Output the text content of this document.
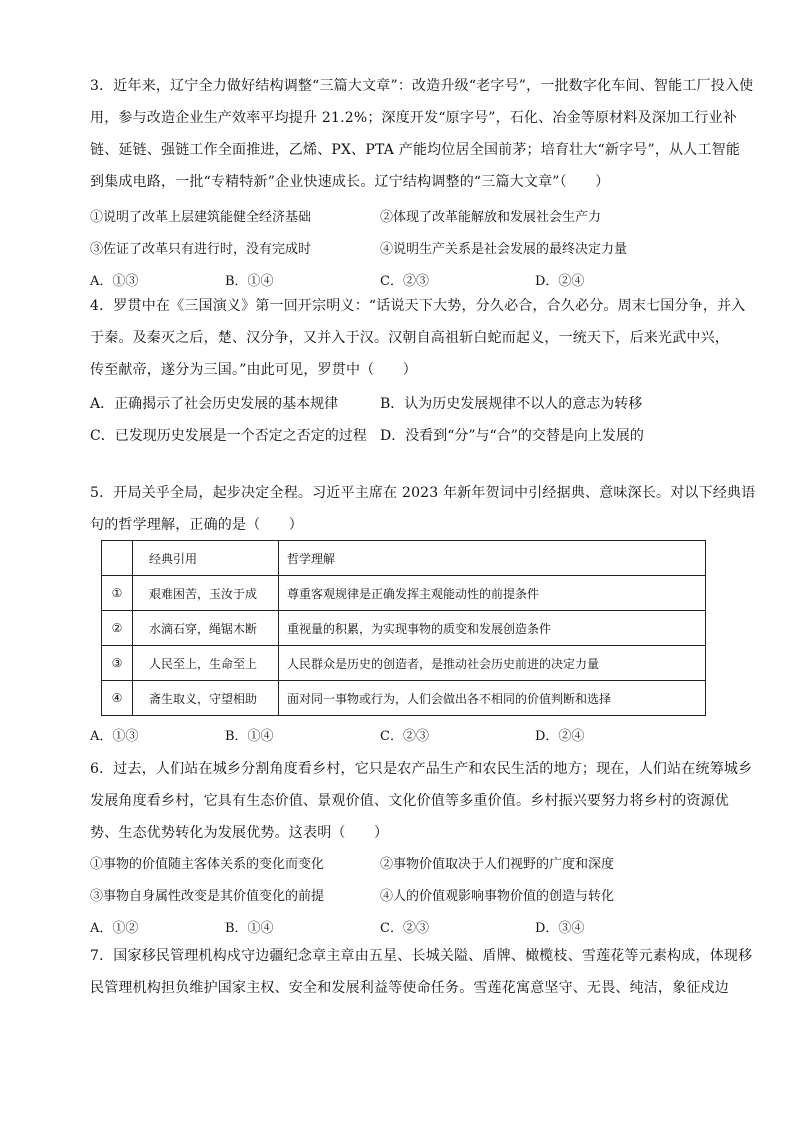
3．近年来，辽宁全力做好结构调整“三篇大文章”：改造升级“老字号”，一批数字化车间、智能工厂投入使
用，参与改造企业生产效率平均提升 21.2%；深度开发“原字号”，石化、冶金等原材料及深加工行业补
链、延链、强链工作全面推进，乙烯、PX、PTA 产能均位居全国前茅；培育壮大“新字号”，从人工智能
到集成电路，一批“专精特新”企业快速成长。辽宁结构调整的“三篇大文章”（　　）
①说明了改革上层建筑能健全经济基础	②体现了改革能解放和发展社会生产力
③佐证了改革只有进行时，没有完成时	④说明生产关系是社会发展的最终决定力量
A．①③	B．①④	C．②③	D．②④
4．罗贯中在《三国演义》第一回开宗明义：“话说天下大势，分久必合，合久必分。周末七国分争，并入
于秦。及秦灭之后，楚、汉分争，又并入于汉。汉朝自高祖斩白蛇而起义，一统天下，后来光武中兴，
传至献帝，遂分为三国。”由此可见，罗贯中（　　）
A．正确揭示了社会历史发展的基本规律	B．认为历史发展规律不以人的意志为转移
C．已发现历史发展是一个否定之否定的过程 D．没看到“分”与“合”的交替是向上发展的
5．开局关乎全局，起步决定全程。习近平主席在 2023 年新年贺词中引经据典、意味深长。对以下经典语
句的哲学理解，正确的是（　　）
	经典引用	哲学理解
①	艰难困苦，玉汝于成	尊重客观规律是正确发挥主观能动性的前提条件
②	水滴石穿，绳锯木断	重视量的积累，为实现事物的质变和发展创造条件
③	人民至上，生命至上	人民群众是历史的创造者，是推动社会历史前进的决定力量
④	斋生取义，守望相助	面对同一事物或行为，人们会做出各不相同的价值判断和选择
A．①③	B．①④	C．②③	D．②④
6．过去，人们站在城乡分割角度看乡村，它只是农产品生产和农民生活的地方；现在，人们站在统筹城乡
发展角度看乡村，它具有生态价值、景观价值、文化价值等多重价值。乡村振兴要努力将乡村的资源优
势、生态优势转化为发展优势。这表明（　　）
①事物的价值随主客体关系的变化而变化	②事物价值取决于人们视野的广度和深度
③事物自身属性改变是其价值变化的前提	④人的价值观影响事物价值的创造与转化
A．①②	B．①④	C．②③	D．③④
7．国家移民管理机构戍守边疆纪念章主章由五星、长城关隘、盾牌、橄榄枝、雪莲花等元素构成，体现移
民管理机构担负维护国家主权、安全和发展利益等使命任务。雪莲花寓意坚守、无畏、纯洁，象征戍边
